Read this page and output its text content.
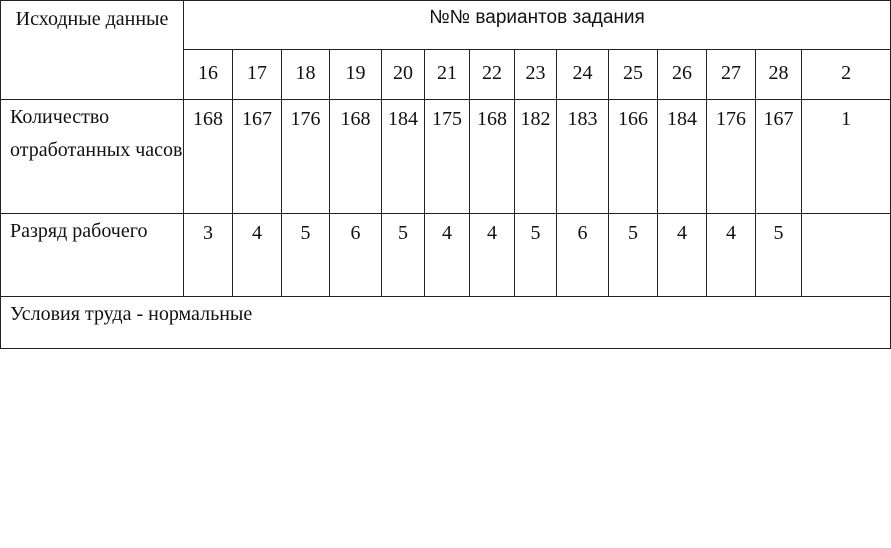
Исходные данные	№№ вариантов задания													
	16	17	18	19	20	21	22	23	24	25	26	27	28	2
Количество отработанных часов	168	167	176	168	184	175	168	182	183	166	184	176	167	1
Разряд рабочего	3	4	5	6	5	4	4	5	6	5	4	4	5	
Условия труда - нормальные														
